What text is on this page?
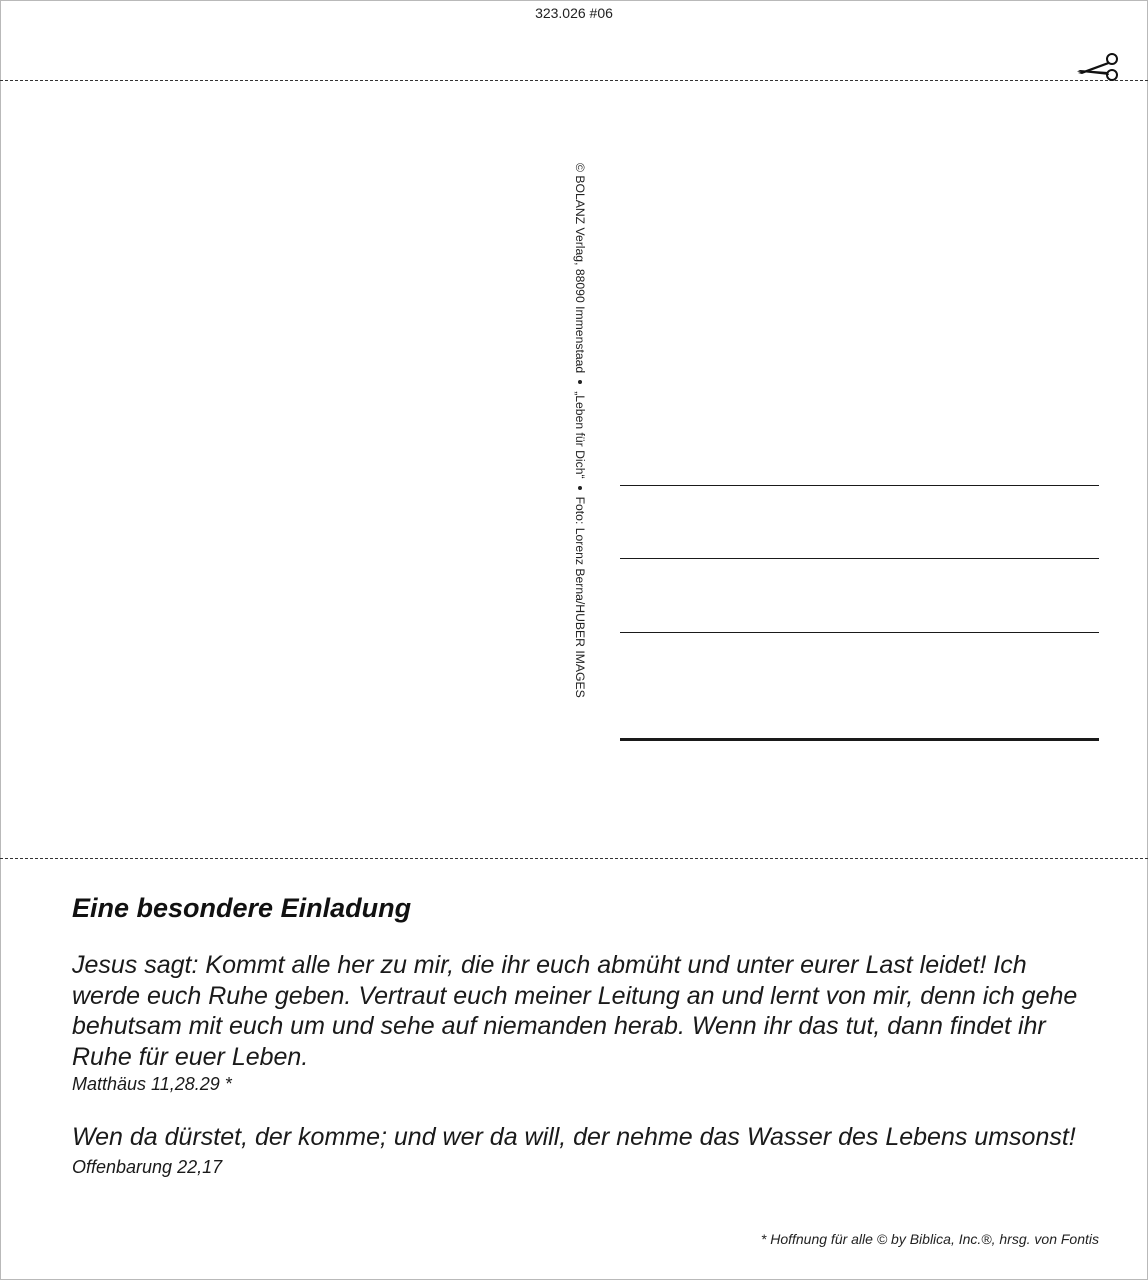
323.026 #06
© BOLANZ Verlag, 88090 Immenstaad
„Leben für Dich“
Foto: Lorenz Berna/HUBER IMAGES
Eine besondere Einladung

Jesus sagt: Kommt alle her zu mir, die ihr euch abmüht und unter eurer Last leidet! Ich werde euch Ruhe geben. Vertraut euch meiner Leitung an und lernt von mir, denn ich gehe behutsam mit euch um und sehe auf niemanden herab. Wenn ihr das tut, dann findet ihr Ruhe für euer Leben.

Matthäus 11,28.29 *

Wen da dürstet, der komme; und wer da will, der nehme das Wasser des Lebens umsonst!

Offenbarung 22,17

* Hoffnung für alle © by Biblica, Inc.®, hrsg. von Fontis
